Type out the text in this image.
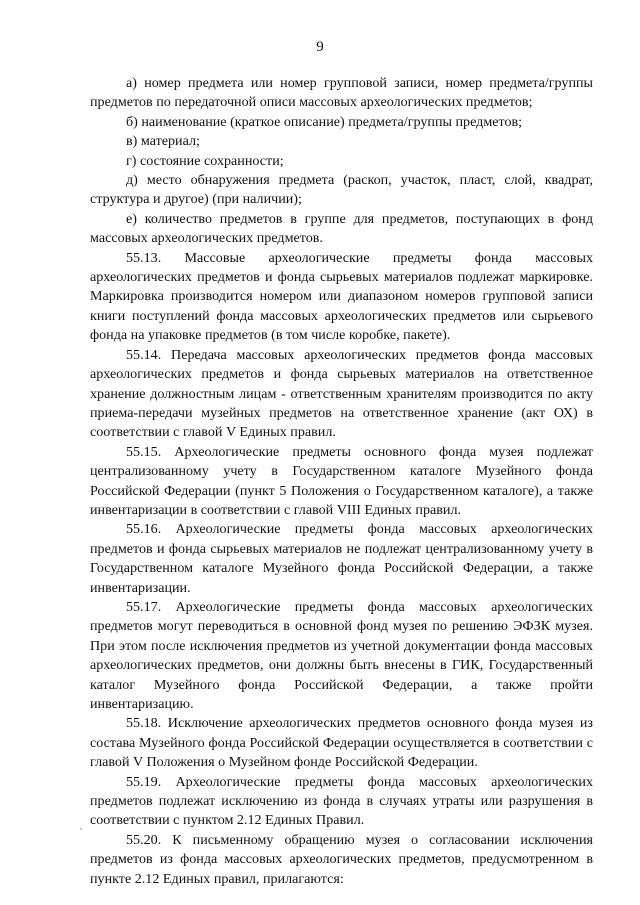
9

а) номер предмета или номер групповой записи, номер предмета/группы предметов по передаточной описи массовых археологических предметов;

б) наименование (краткое описание) предмета/группы предметов;

в) материал;

г) состояние сохранности;

д) место обнаружения предмета (раскоп, участок, пласт, слой, квадрат, структура и другое) (при наличии);

е) количество предметов в группе для предметов, поступающих в фонд массовых археологических предметов.

55.13. Массовые археологические предметы фонда массовых археологических предметов и фонда сырьевых материалов подлежат маркировке. Маркировка производится номером или диапазоном номеров групповой записи книги поступлений фонда массовых археологических предметов или сырьевого фонда на упаковке предметов (в том числе коробке, пакете).

55.14. Передача массовых археологических предметов фонда массовых археологических предметов и фонда сырьевых материалов на ответственное хранение должностным лицам - ответственным хранителям производится по акту приема-передачи музейных предметов на ответственное хранение (акт ОХ) в соответствии с главой V Единых правил.

55.15. Археологические предметы основного фонда музея подлежат централизованному учету в Государственном каталоге Музейного фонда Российской Федерации (пункт 5 Положения о Государственном каталоге), а также инвентаризации в соответствии с главой VIII Единых правил.

55.16. Археологические предметы фонда массовых археологических предметов и фонда сырьевых материалов не подлежат централизованному учету в Государственном каталоге Музейного фонда Российской Федерации, а также инвентаризации.

55.17. Археологические предметы фонда массовых археологических предметов могут переводиться в основной фонд музея по решению ЭФЗК музея. При этом после исключения предметов из учетной документации фонда массовых археологических предметов, они должны быть внесены в ГИК, Государственный каталог Музейного фонда Российской Федерации, а также пройти инвентаризацию.

55.18. Исключение археологических предметов основного фонда музея из состава Музейного фонда Российской Федерации осуществляется в соответствии с главой V Положения о Музейном фонде Российской Федерации.

55.19. Археологические предметы фонда массовых археологических предметов подлежат исключению из фонда в случаях утраты или разрушения в соответствии с пунктом 2.12 Единых Правил.

55.20. К письменному обращению музея о согласовании исключения предметов из фонда массовых археологических предметов, предусмотренном в пункте 2.12 Единых правил, прилагаются:

˙
